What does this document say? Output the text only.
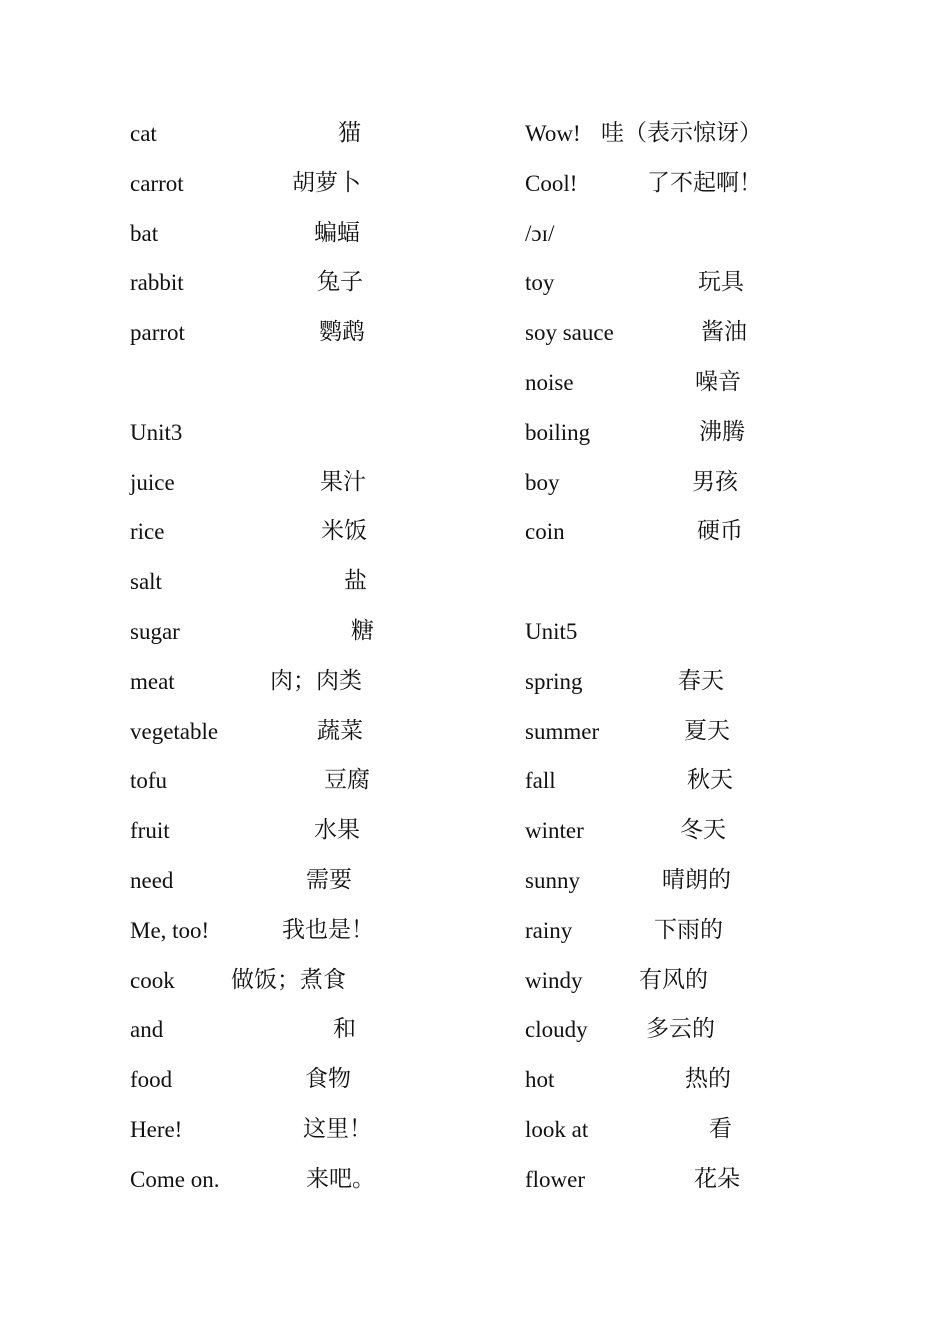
cat	猫
carrot	胡萝卜
bat	蝙蝠
rabbit	兔子
parrot	鹦鹉
Unit3
juice	果汁
rice	米饭
salt	盐
sugar	糖
meat	肉；肉类
vegetable	蔬菜
tofu	豆腐
fruit	水果
need	需要
Me, too!	我也是！
cook 做饭；煮食
and	和
food	食物
Here!	这里！
Come on.	来吧。
Wow! 哇（表示惊讶）
Cool!	了不起啊！
/ɔɪ/
toy	玩具
soy sauce	酱油
noise	噪音
boiling	沸腾
boy	男孩
coin	硬币
Unit5
spring	春天
summer	夏天
fall	秋天
winter	冬天
sunny	晴朗的
rainy	下雨的
windy 有风的
cloudy	多云的
hot	热的
look at	看
flower	花朵
